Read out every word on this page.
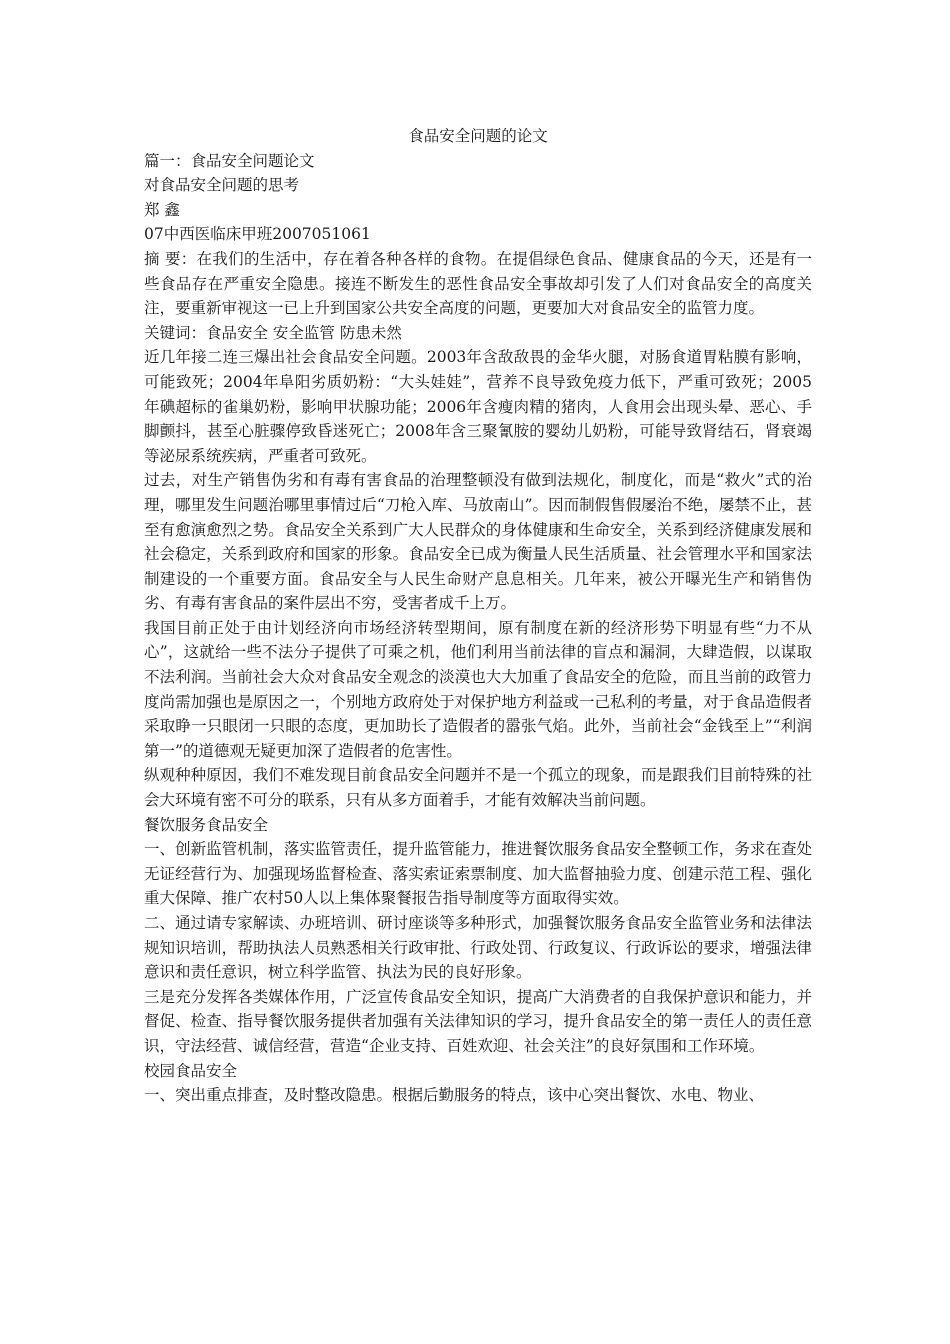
食品安全问题的论文

篇一：食品安全问题论文

对食品安全问题的思考

郑 鑫

07中西医临床甲班2007051061

摘 要：在我们的生活中，存在着各种各样的食物。在提倡绿色食品、健康食品的今天，还是有一些食品存在严重安全隐患。接连不断发生的恶性食品安全事故却引发了人们对食品安全的高度关注，要重新审视这一已上升到国家公共安全高度的问题，更要加大对食品安全的监管力度。

关键词：食品安全 安全监管 防患未然

近几年接二连三爆出社会食品安全问题。2003年含敌敌畏的金华火腿，对肠食道胃粘膜有影响，可能致死；2004年阜阳劣质奶粉：“大头娃娃”，营养不良导致免疫力低下，严重可致死；2005年碘超标的雀巢奶粉，影响甲状腺功能；2006年含瘦肉精的猪肉，人食用会出现头晕、恶心、手脚颤抖，甚至心脏骤停致昏迷死亡；2008年含三聚氰胺的婴幼儿奶粉，可能导致肾结石，肾衰竭等泌尿系统疾病，严重者可致死。

过去，对生产销售伪劣和有毒有害食品的治理整顿没有做到法规化，制度化，而是“救火”式的治理，哪里发生问题治哪里事情过后“刀枪入库、马放南山”。因而制假售假屡治不绝，屡禁不止，甚至有愈演愈烈之势。食品安全关系到广大人民群众的身体健康和生命安全，关系到经济健康发展和社会稳定，关系到政府和国家的形象。食品安全已成为衡量人民生活质量、社会管理水平和国家法制建设的一个重要方面。食品安全与人民生命财产息息相关。几年来，被公开曝光生产和销售伪劣、有毒有害食品的案件层出不穷，受害者成千上万。

我国目前正处于由计划经济向市场经济转型期间，原有制度在新的经济形势下明显有些“力不从心”，这就给一些不法分子提供了可乘之机，他们利用当前法律的盲点和漏洞，大肆造假，以谋取不法利润。当前社会大众对食品安全观念的淡漠也大大加重了食品安全的危险，而且当前的政管力度尚需加强也是原因之一，个别地方政府处于对保护地方利益或一己私利的考量，对于食品造假者采取睁一只眼闭一只眼的态度，更加助长了造假者的嚣张气焰。此外，当前社会“金钱至上”“利润第一”的道德观无疑更加深了造假者的危害性。

纵观种种原因，我们不难发现目前食品安全问题并不是一个孤立的现象，而是跟我们目前特殊的社会大环境有密不可分的联系，只有从多方面着手，才能有效解决当前问题。

餐饮服务食品安全

一、创新监管机制，落实监管责任，提升监管能力，推进餐饮服务食品安全整顿工作，务求在查处无证经营行为、加强现场监督检查、落实索证索票制度、加大监督抽验力度、创建示范工程、强化重大保障、推广农村50人以上集体聚餐报告指导制度等方面取得实效。

二、通过请专家解读、办班培训、研讨座谈等多种形式，加强餐饮服务食品安全监管业务和法律法规知识培训，帮助执法人员熟悉相关行政审批、行政处罚、行政复议、行政诉讼的要求，增强法律意识和责任意识，树立科学监管、执法为民的良好形象。

三是充分发挥各类媒体作用，广泛宣传食品安全知识，提高广大消费者的自我保护意识和能力，并督促、检查、指导餐饮服务提供者加强有关法律知识的学习，提升食品安全的第一责任人的责任意识，守法经营、诚信经营，营造“企业支持、百姓欢迎、社会关注”的良好氛围和工作环境。

校园食品安全

一、突出重点排查，及时整改隐患。根据后勤服务的特点，该中心突出餐饮、水电、物业、
